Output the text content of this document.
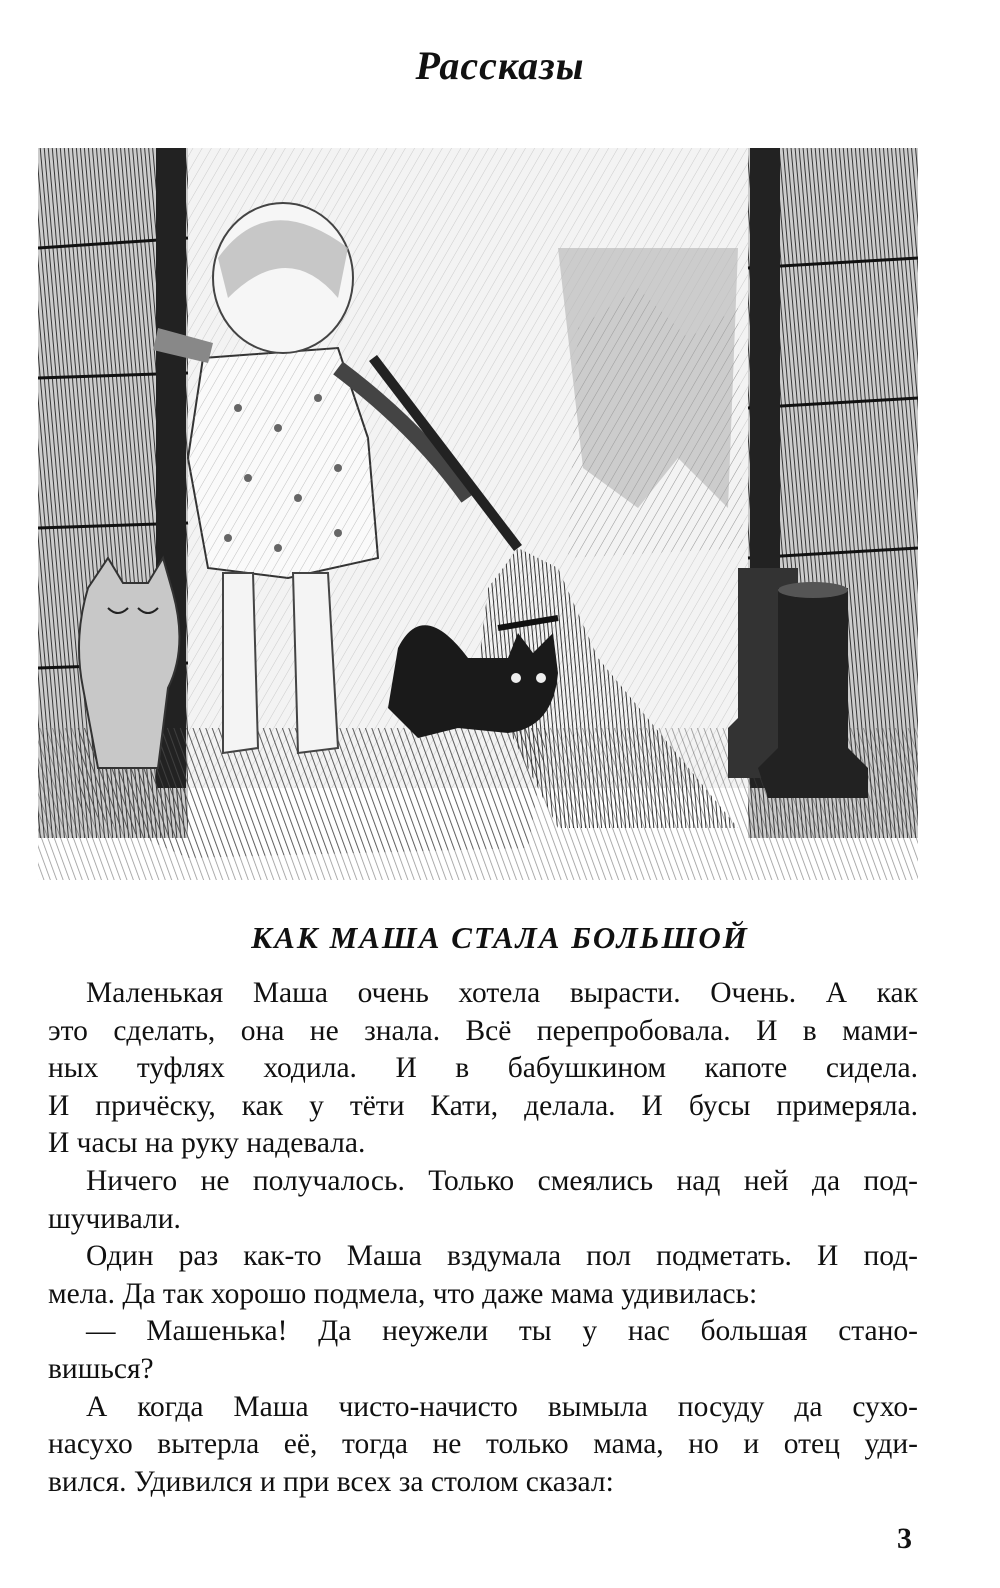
Рассказы
КАК МАША СТАЛА БОЛЬШОЙ
Маленькая Маша очень хотела вырасти. Очень. А как
это сделать, она не знала. Всё перепробовала. И в мами-
ных туфлях ходила. И в бабушкином капоте сидела.
И причёску, как у тёти Кати, делала. И бусы примеряла.
И часы на руку надевала.
Ничего не получалось. Только смеялись над ней да под-
шучивали.
Один раз как-то Маша вздумала пол подметать. И под-
мела. Да так хорошо подмела, что даже мама удивилась:
— Машенька! Да неужели ты у нас большая стано-
вишься?
А когда Маша чисто-начисто вымыла посуду да сухо-
насухо вытерла её, тогда не только мама, но и отец уди-
вился. Удивился и при всех за столом сказал:
3
